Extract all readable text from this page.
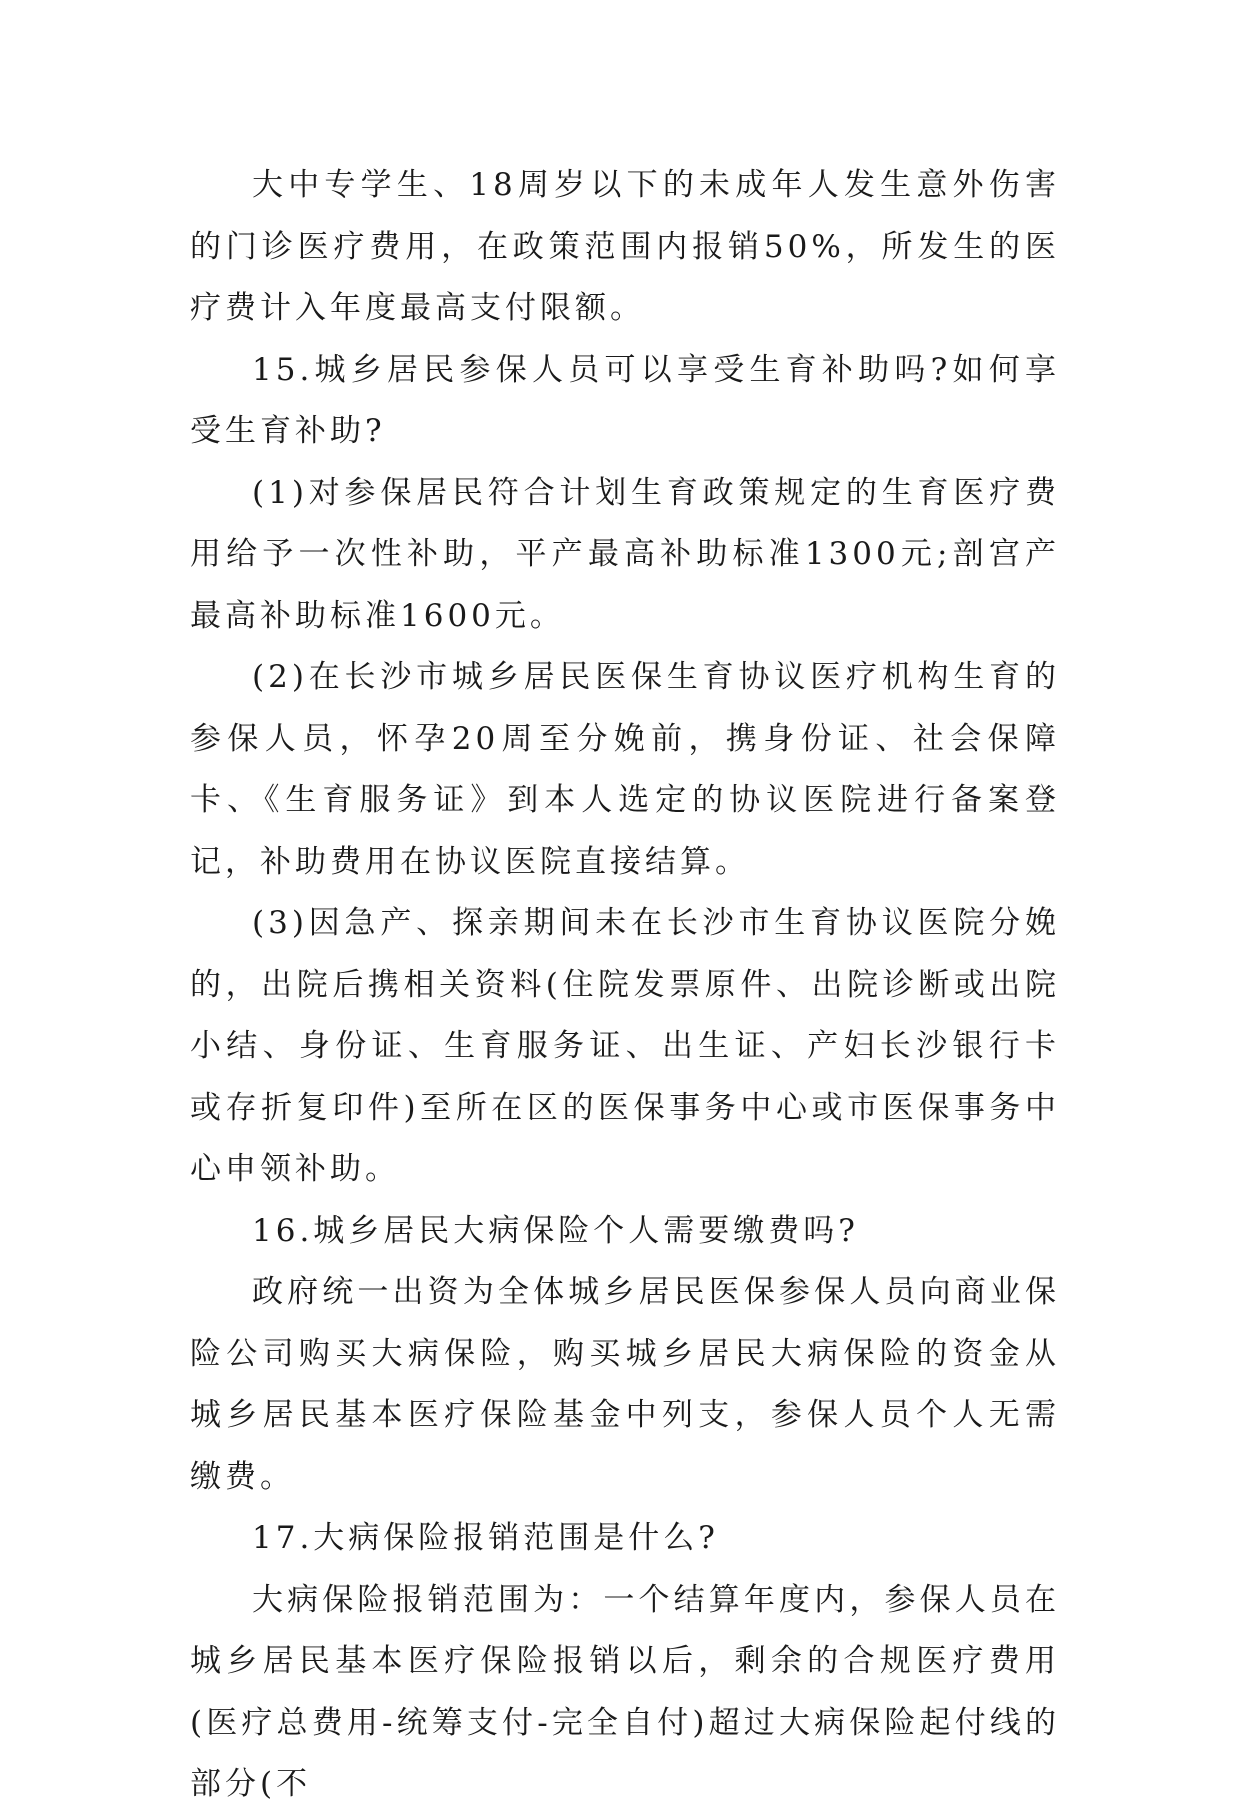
大中专学生、18周岁以下的未成年人发生意外伤害的门诊医疗费用，在政策范围内报销50%，所发生的医疗费计入年度最高支付限额。

15.城乡居民参保人员可以享受生育补助吗?如何享受生育补助?

(1)对参保居民符合计划生育政策规定的生育医疗费用给予一次性补助，平产最高补助标准1300元;剖宫产最高补助标准1600元。

(2)在长沙市城乡居民医保生育协议医疗机构生育的参保人员，怀孕20周至分娩前，携身份证、社会保障卡、《生育服务证》到本人选定的协议医院进行备案登记，补助费用在协议医院直接结算。

(3)因急产、探亲期间未在长沙市生育协议医院分娩的，出院后携相关资料(住院发票原件、出院诊断或出院小结、身份证、生育服务证、出生证、产妇长沙银行卡或存折复印件)至所在区的医保事务中心或市医保事务中心申领补助。

16.城乡居民大病保险个人需要缴费吗?

政府统一出资为全体城乡居民医保参保人员向商业保险公司购买大病保险，购买城乡居民大病保险的资金从城乡居民基本医疗保险基金中列支，参保人员个人无需缴费。

17.大病保险报销范围是什么?

大病保险报销范围为：一个结算年度内，参保人员在城乡居民基本医疗保险报销以后，剩余的合规医疗费用(医疗总费用-统筹支付-完全自付)超过大病保险起付线的部分(不
